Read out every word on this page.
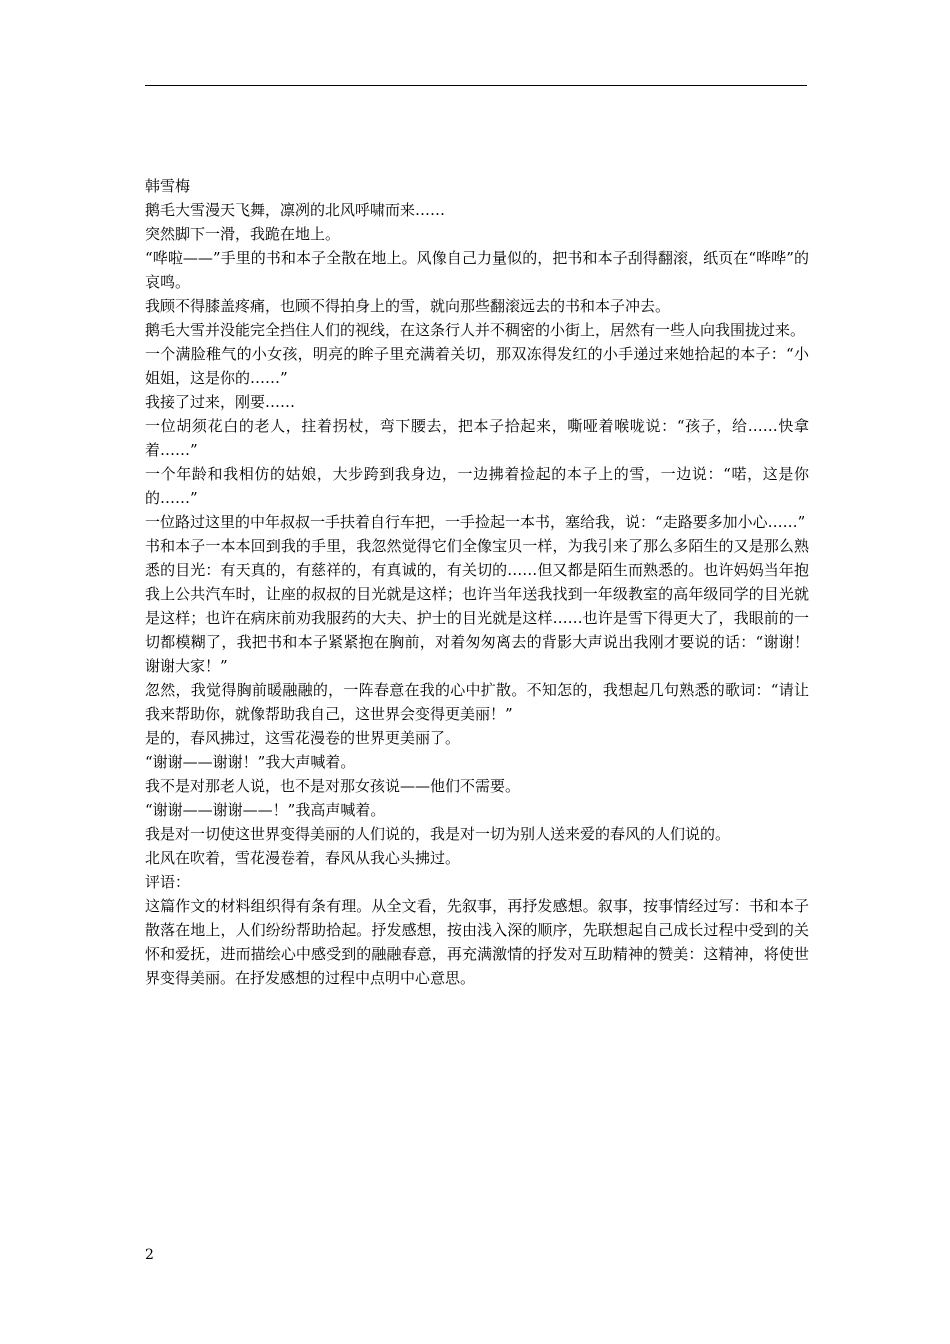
韩雪梅

鹅毛大雪漫天飞舞，凛冽的北风呼啸而来……

突然脚下一滑，我跪在地上。

“哗啦——”手里的书和本子全散在地上。风像自己力量似的，把书和本子刮得翻滚，纸页在“哗哗”的哀鸣。

我顾不得膝盖疼痛，也顾不得拍身上的雪，就向那些翻滚远去的书和本子冲去。

鹅毛大雪并没能完全挡住人们的视线，在这条行人并不稠密的小街上，居然有一些人向我围拢过来。

一个满脸稚气的小女孩，明亮的眸子里充满着关切，那双冻得发红的小手递过来她拾起的本子：“小姐姐，这是你的……”

我接了过来，刚要……

一位胡须花白的老人，拄着拐杖，弯下腰去，把本子拾起来，嘶哑着喉咙说：“孩子，给……快拿着……”

一个年龄和我相仿的姑娘，大步跨到我身边，一边拂着捡起的本子上的雪，一边说：“喏，这是你的……”

一位路过这里的中年叔叔一手扶着自行车把，一手捡起一本书，塞给我，说：“走路要多加小心……”

书和本子一本本回到我的手里，我忽然觉得它们全像宝贝一样，为我引来了那么多陌生的又是那么熟悉的目光：有天真的，有慈祥的，有真诚的，有关切的……但又都是陌生而熟悉的。也许妈妈当年抱我上公共汽车时，让座的叔叔的目光就是这样；也许当年送我找到一年级教室的高年级同学的目光就是这样；也许在病床前劝我服药的大夫、护士的目光就是这样……也许是雪下得更大了，我眼前的一切都模糊了，我把书和本子紧紧抱在胸前，对着匆匆离去的背影大声说出我刚才要说的话：“谢谢！谢谢大家！”

忽然，我觉得胸前暖融融的，一阵春意在我的心中扩散。不知怎的，我想起几句熟悉的歌词：“请让我来帮助你，就像帮助我自己，这世界会变得更美丽！”

是的，春风拂过，这雪花漫卷的世界更美丽了。

“谢谢——谢谢！”我大声喊着。

我不是对那老人说，也不是对那女孩说——他们不需要。

“谢谢——谢谢——！”我高声喊着。

我是对一切使这世界变得美丽的人们说的，我是对一切为别人送来爱的春风的人们说的。

北风在吹着，雪花漫卷着，春风从我心头拂过。

评语：

这篇作文的材料组织得有条有理。从全文看，先叙事，再抒发感想。叙事，按事情经过写：书和本子散落在地上，人们纷纷帮助拾起。抒发感想，按由浅入深的顺序，先联想起自己成长过程中受到的关怀和爱抚，进而描绘心中感受到的融融春意，再充满激情的抒发对互助精神的赞美：这精神，将使世界变得美丽。在抒发感想的过程中点明中心意思。

2
